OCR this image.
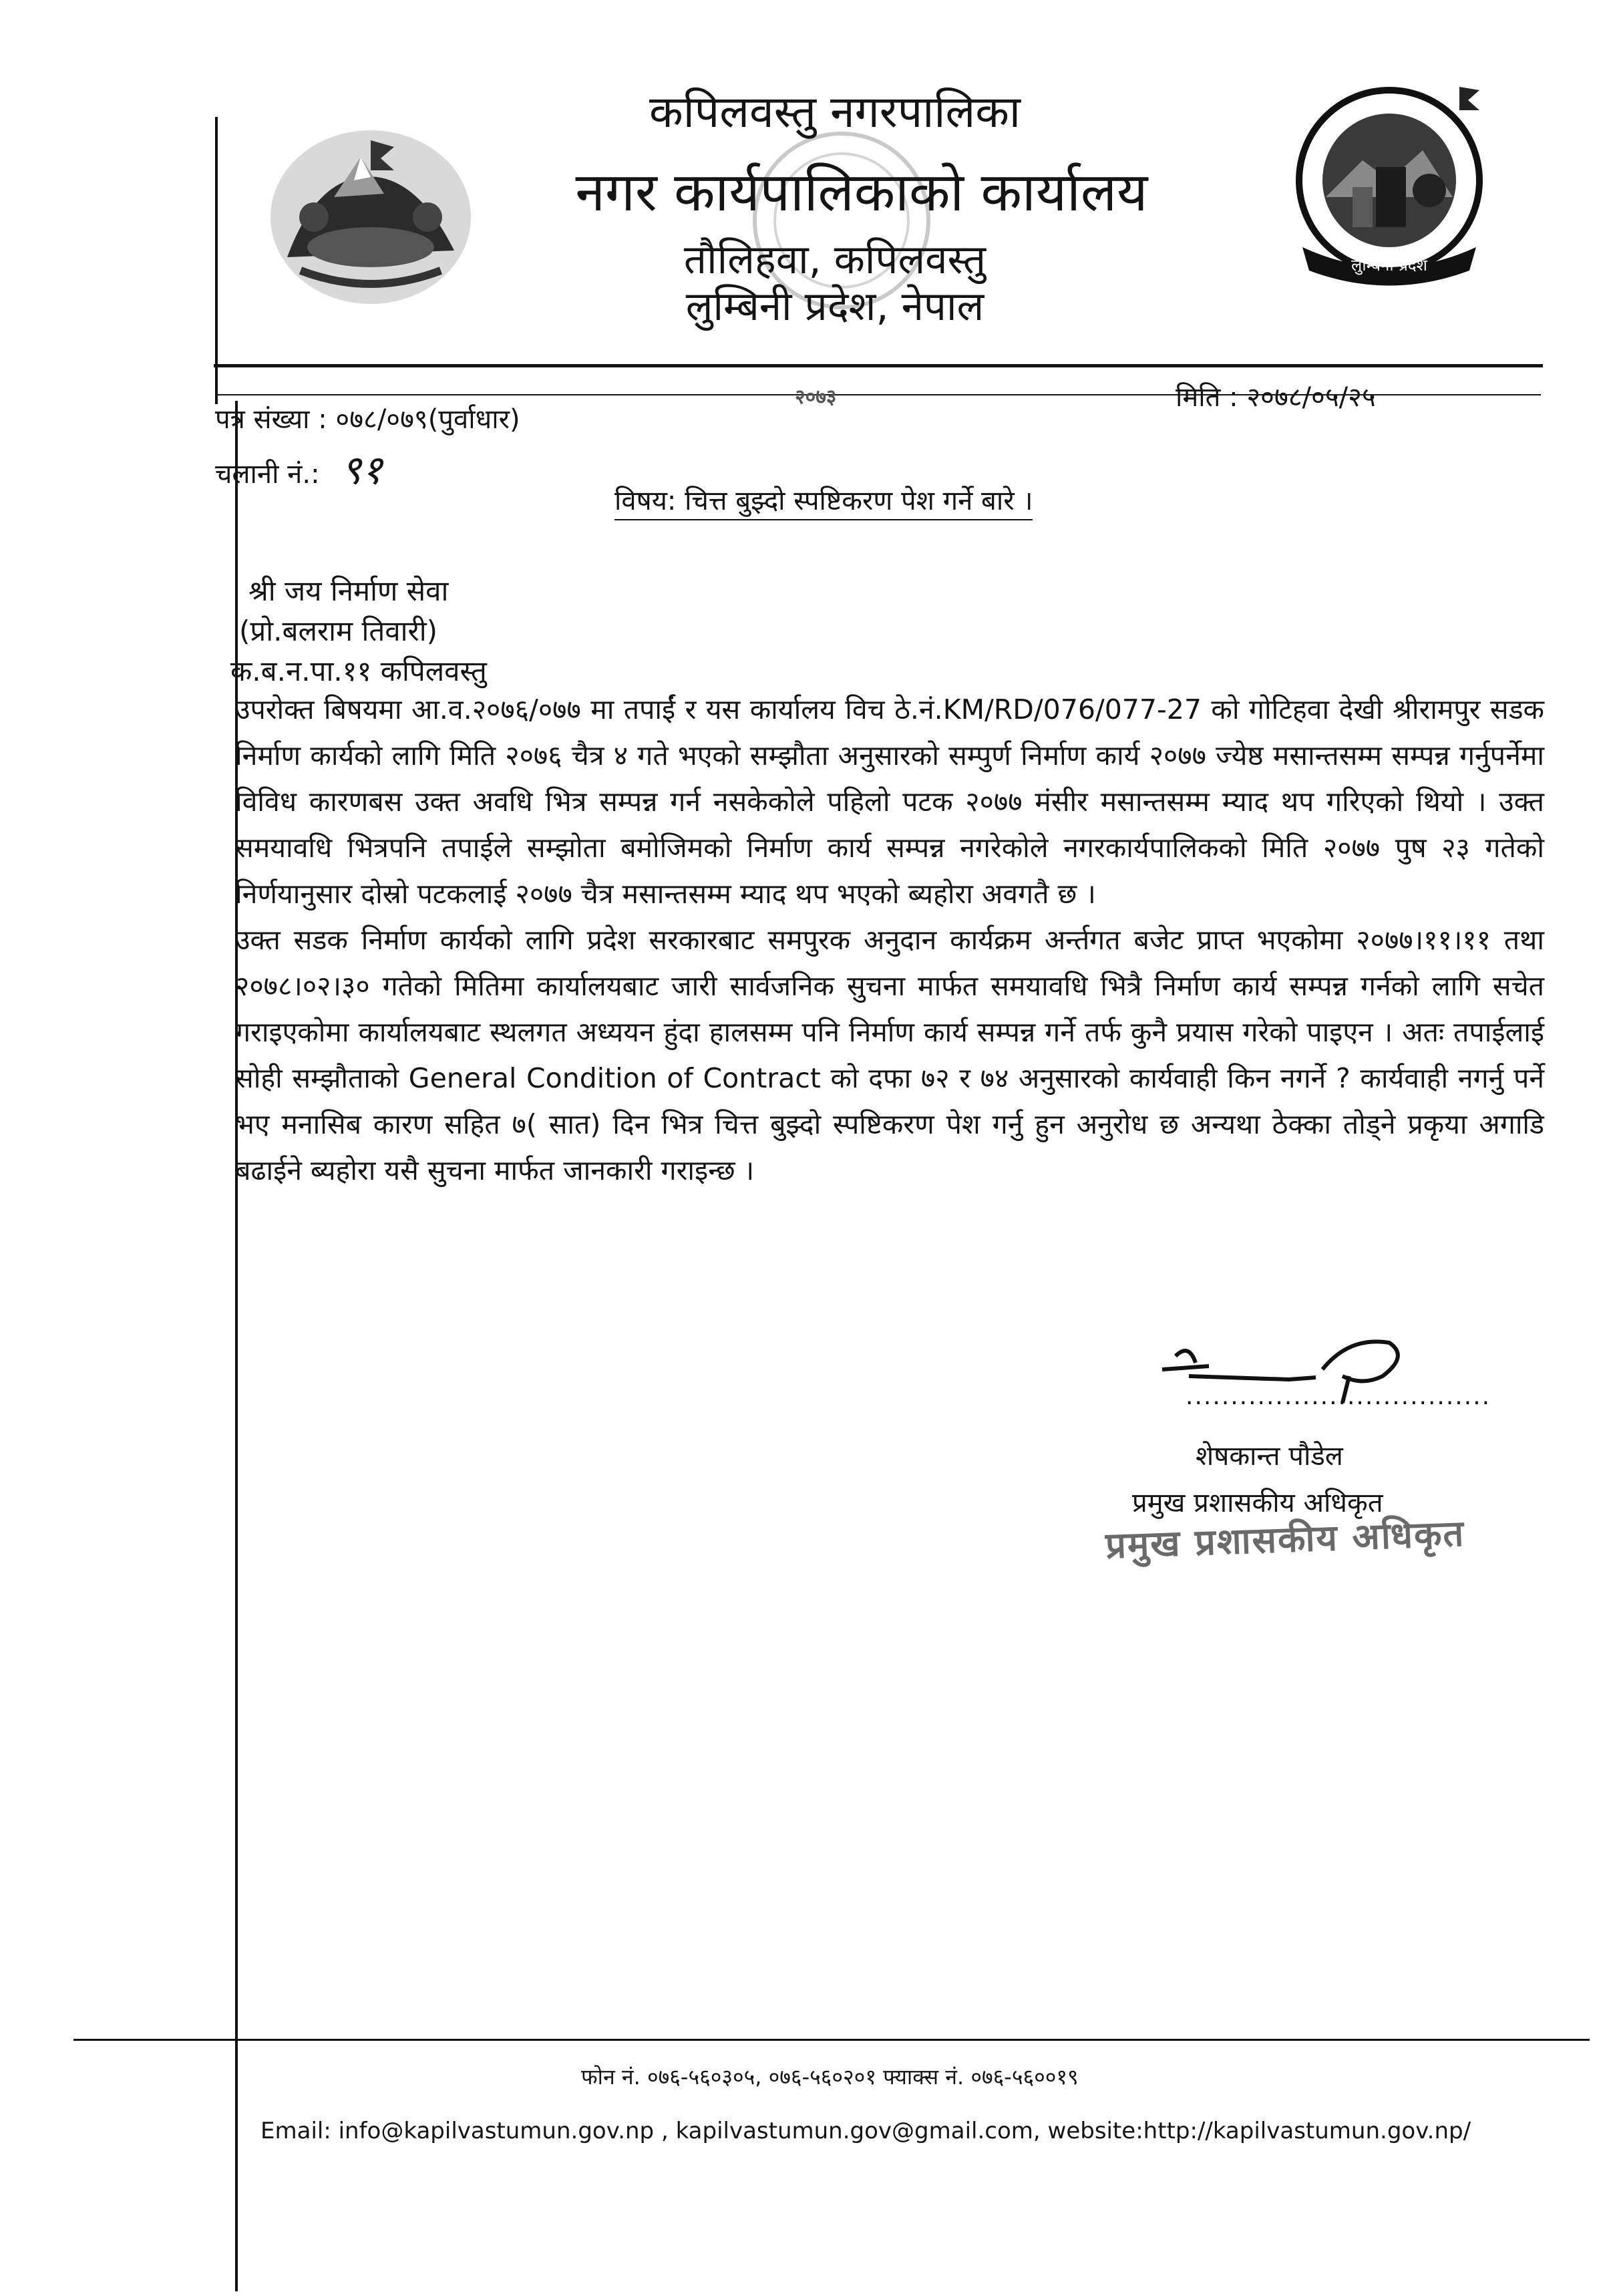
लुम्बिनी प्रदेश
कपिलवस्तु नगरपालिका
नगर कार्यपालिकाको कार्यालय
तौलिहवा, कपिलवस्तु
लुम्बिनी प्रदेश, नेपाल
२०७३
पत्र संख्या : ०७८/०७९(पुर्वाधार)
मिति : २०७८/०५/२५
चलानी नं.: ९१
विषय: चित्त बुझ्दो स्पष्टिकरण पेश गर्ने बारे ।
श्री जय निर्माण सेवा
(प्रो.बलराम तिवारी)
क.ब.न.पा.११ कपिलवस्तु

उपरोक्त बिषयमा आ.व.२०७६/०७७ मा तपाईं र यस कार्यालय विच ठे.नं.KM/RD/076/077-27 को गोटिहवा देखी श्रीरामपुर सडक निर्माण कार्यको लागि मिति २०७६ चैत्र ४ गते भएको सम्झौता अनुसारको सम्पुर्ण निर्माण कार्य २०७७ ज्येष्ठ मसान्तसम्म सम्पन्न गर्नुपर्नेमा विविध कारणबस उक्त अवधि भित्र सम्पन्न गर्न नसकेकोले पहिलो पटक २०७७ मंसीर मसान्तसम्म म्याद थप गरिएको थियो । उक्त समयावधि भित्रपनि तपाईले सम्झोता बमोजिमको निर्माण कार्य सम्पन्न नगरेकोले नगरकार्यपालिकको मिति २०७७ पुष २३ गतेको निर्णयानुसार दोस्रो पटकलाई २०७७ चैत्र मसान्तसम्म म्याद थप भएको ब्यहोरा अवगतै छ ।

उक्त सडक निर्माण कार्यको लागि प्रदेश सरकारबाट समपुरक अनुदान कार्यक्रम अर्न्तगत बजेट प्राप्त भएकोमा २०७७।११।११ तथा २०७८।०२।३० गतेको मितिमा कार्यालयबाट जारी सार्वजनिक सुचना मार्फत समयावधि भित्रै निर्माण कार्य सम्पन्न गर्नको लागि सचेत गराइएकोमा कार्यालयबाट स्थलगत अध्ययन हुंदा हालसम्म पनि निर्माण कार्य सम्पन्न गर्ने तर्फ कुनै प्रयास गरेको पाइएन । अतः तपाईलाई सोही सम्झौताको General Condition of Contract को दफा ७२ र ७४ अनुसारको कार्यवाही किन नगर्ने ? कार्यवाही नगर्नु पर्ने भए मनासिब कारण सहित ७( सात) दिन भित्र चित्त बुझ्दो स्पष्टिकरण पेश गर्नु हुन अनुरोध छ अन्यथा ठेक्का तोड्ने प्रकृया अगाडि बढाईने ब्यहोरा यसै सुचना मार्फत जानकारी गराइन्छ ।

..................................
शेषकान्त पौडेल
प्रमुख प्रशासकीय अधिकृत
प्रमुख प्रशासकीय अधिकृत
फोन नं. ०७६-५६०३०५, ०७६-५६०२०१ फ्याक्स नं. ०७६-५६००१९
Email: info@kapilvastumun.gov.np , kapilvastumun.gov@gmail.com, website:http://kapilvastumun.gov.np/
